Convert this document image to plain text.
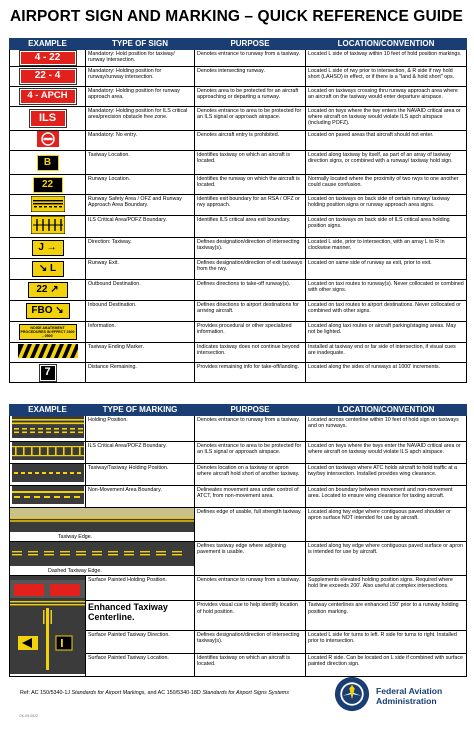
AIRPORT SIGN AND MARKING – QUICK REFERENCE GUIDE
EXAMPLE	TYPE OF SIGN	PURPOSE	LOCATION/CONVENTION
4 - 22	Mandatory: Hold position for taxiway/ runway intersection.	Denotes entrance to runway from a taxiway.	Located L side of taxiway within 10 feet of hold position markings.
22 - 4	Mandatory: Holding position for runway/runway intersection.	Denotes intersecting runway.	Located L side of rwy prior to intersection, & R side if rwy hold short (LAHSO) in effect, or if there is a "land & hold short" ops.
4 - APCH	Mandatory: Holding position for runway approach area.	Denotes area to be protected for an aircraft approaching or departing a runway.	Located on taxiways crossing thru runway approach area where an aircraft on the taxiway would enter departure airspace.
ILS	Mandatory: Holding position for ILS critical area/precision obstacle free zone.	Denotes entrance to area to be protected for an ILS signal or approach airspace.	Located on twys where the twy enters the NAVAID critical area or where aircraft on taxiway would violate ILS apch airspace (including POFZ).
	Mandatory: No entry.	Denotes aircraft entry is prohibited.	Located on paved areas that aircraft should not enter.
B	Taxiway Location.	Identifies taxiway on which an aircraft is located.	Located along taxiway by itself, as part of an array of taxiway direction signs, or combined with a runway/ taxiway hold sign.
22	Runway Location.	Identifies the runway on which the aircraft is located.	Normally located where the proximity of two rwys to one another could cause confusion.
	Runway Safety Area / OFZ and Runway Approach Area Boundary.	Identifies exit boundary for an RSA / OFZ or rwy approach.	Located on taxiways on back side of certain runway/ taxiway holding position signs or runway approach area signs.
	ILS Critical Area/POFZ Boundary.	Identifies ILS critical area exit boundary.	Located on taxiways on back side of ILS critical area holding position signs.
J →	Direction: Taxiway.	Defines designation/direction of intersecting taxiway(s).	Located L side, prior to intersection, with an array L to R in clockwise manner.
↘ L	Runway Exit.	Defines designation/direction of exit taxiways from the rwy.	Located on same side of runway as exit, prior to exit.
22 ↗	Outbound Destination.	Defines directions to take-off runway(s).	Located on taxi routes to runway(s). Never collocated or combined with other signs.
FBO ↘	Inbound Destination.	Defines directions to airport destinations for arriving aircraft.	Located on taxi routes to airport destinations. Never collocated or combined with other signs.
NOISE ABATEMENT PROCEDURES IN EFFECT 2300 - 0500	Information.	Provides procedural or other specialized information.	Located along taxi routes or aircraft parking/staging areas. May not be lighted.
	Taxiway Ending Marker.	Indicates taxiway does not continue beyond intersection.	Installed at taxiway end or far side of intersection, if visual cues are inadequate.
7	Distance Remaining.	Provides remaining info for take-off/landing.	Located along the sides of runways at 1000' increments.
EXAMPLE	TYPE OF MARKING	PURPOSE	LOCATION/CONVENTION
	Holding Position.	Denotes entrance to runway from a taxiway.	Located across centerline within 10 feet of hold sign on taxiways and on runways.
	ILS Critical Area/POFZ Boundary.	Denotes entrance to area to be protected for an ILS signal or approach airspace.	Located on twys where the twys enter the NAVAID critical area or where aircraft on taxiway would violate ILS apch airspace.
	Taxiway/Taxiway Holding Position.	Denotes location on a taxiway or apron where aircraft hold short of another taxiway.	Located on taxiways where ATC holds aircraft to hold traffic at a twy/twy intersection. Installed provides wing clearance.
	Non-Movement Area Boundary.	Delineates movement area under control of ATCT, from non-movement area.	Located on boundary between movement and non-movement area. Located to ensure wing clearance for taxiing aircraft.

Taxiway Edge.		Defines edge of usable, full strength taxiway.	Located along twy edge where contiguous paved shoulder or apron surface NOT intended for use by aircraft.

Dashed Taxiway Edge.		Defines taxiway edge where adjoining pavement is usable.	Located along twy edge where contiguous paved surface or apron is intended for use by aircraft.
	Surface Painted Holding Position.	Denotes entrance to runway from a taxiway.	Supplements elevated holding position signs. Required where hold line exceeds 200'. Also useful at complex intersections.
	Enhanced Taxiway Centerline.	Provides visual cue to help identify location of hold position.	Taxiway centerlines are enhanced 150' prior to a runway holding position marking.
	Surface Painted Taxiway Direction.	Defines designation/direction of intersecting taxiway(s).	Located L side for turns to left. R side for turns to right. Installed prior to intersection.
	Surface Painted Taxiway Location.	Identifies taxiway on which an aircraft is located.	Located R side. Can be located on L side if combined with surface painted direction sign.
Ref: AC 150/5340-1J Standards for Airport Markings, and AC 150/5340-18D Standards for Airport Signs Systems
OK-09-0622
Federal Aviation
Administration
